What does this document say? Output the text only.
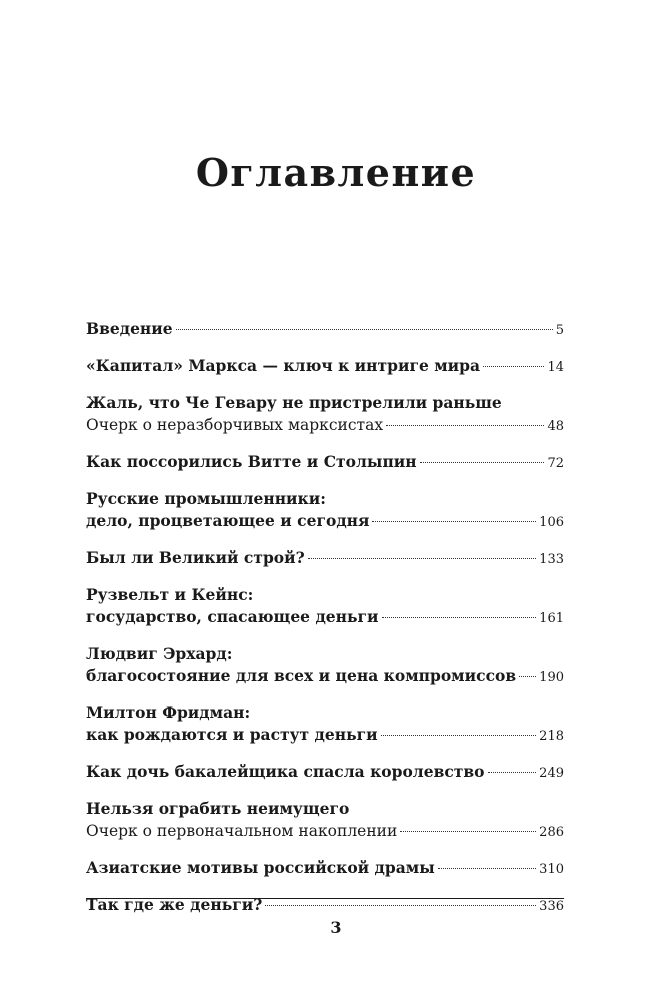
Оглавление
Введение	5
«Капитал» Маркса — ключ к интриге мира	14
Жаль, что Че Гевару не пристрелили раньше
Очерк о неразборчивых марксистах	48
Как поссорились Витте и Столыпин	72
Русские промышленники:
дело, процветающее и сегодня	106
Был ли Великий строй?	133
Рузвельт и Кейнс:
государство, спасающее деньги	161
Людвиг Эрхард:
благосостояние для всех и цена компромиссов 190
Милтон Фридман:
как рождаются и растут деньги	218
Как дочь бакалейщика спасла королевство	249
Нельзя ограбить неимущего
Очерк о первоначальном накоплении	286
Азиатские мотивы российской драмы	310
Так где же деньги?	336
3
